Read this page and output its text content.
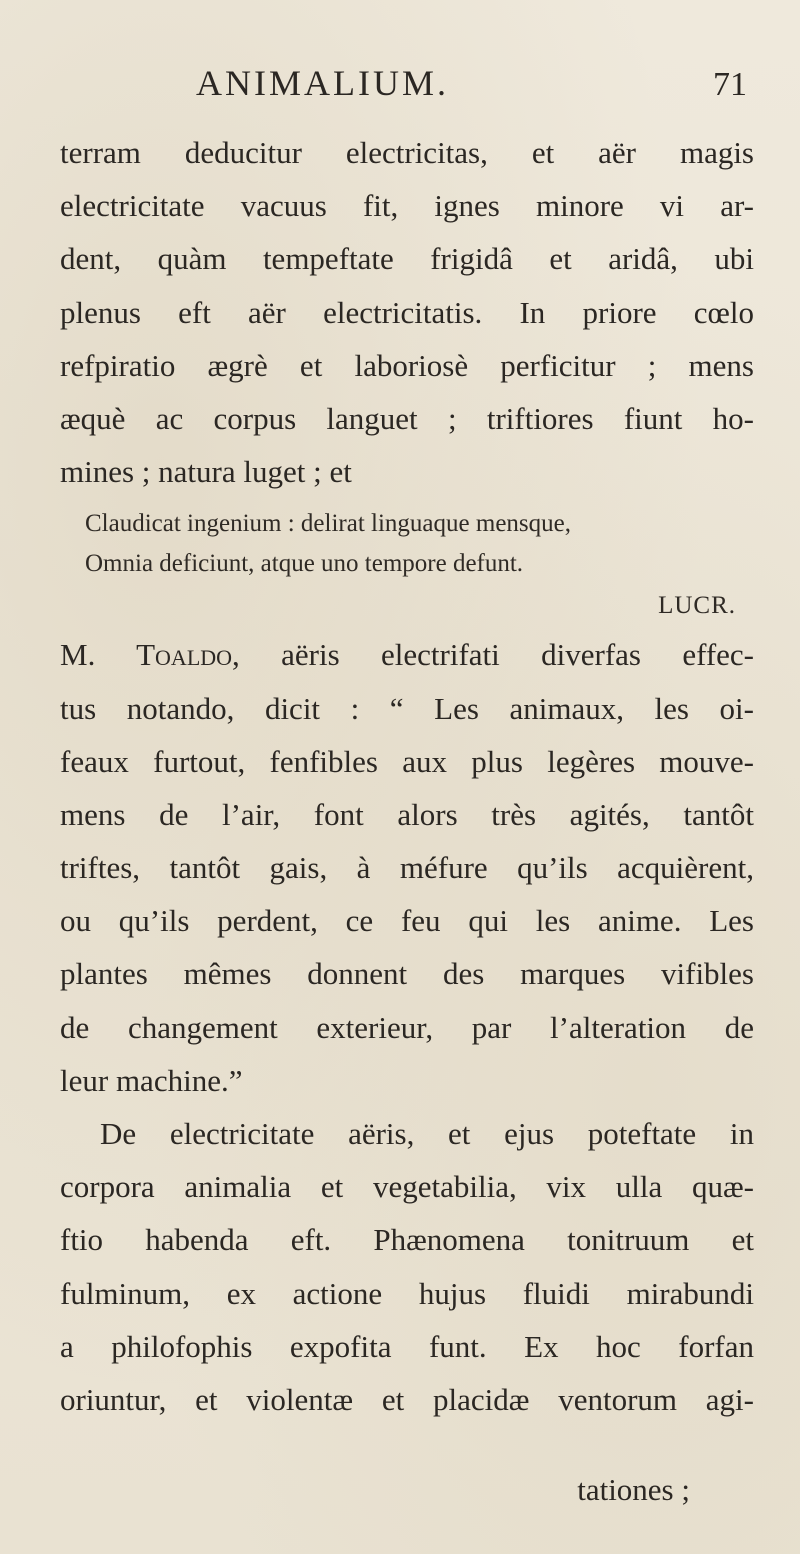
ANIMALIUM.	71
terram deducitur electricitas, et aër magis
electricitate vacuus fit, ignes minore vi ar-
dent, quàm tempeftate frigidâ et aridâ, ubi
plenus eft aër electricitatis. In priore cœlo
refpiratio ægrè et laboriosè perficitur ; mens
æquè ac corpus languet ; triftiores fiunt ho-
mines ; natura luget ; et
Claudicat ingenium : delirat linguaque mensque,
Omnia deficiunt, atque uno tempore defunt.
LUCR.
M. Toaldo, aëris electrifati diverfas effec-
tus notando, dicit : “ Les animaux, les oi-
feaux furtout, fenfibles aux plus legères mouve-
mens de l’air, font alors très agités, tantôt
triftes, tantôt gais, à méfure qu’ils acquièrent,
ou qu’ils perdent, ce feu qui les anime. Les
plantes mêmes donnent des marques vifibles
de changement exterieur, par l’alteration de
leur machine.”
De electricitate aëris, et ejus poteftate in
corpora animalia et vegetabilia, vix ulla quæ-
ftio habenda eft. Phænomena tonitruum et
fulminum, ex actione hujus fluidi mirabundi
a philofophis expofita funt. Ex hoc forfan
oriuntur, et violentæ et placidæ ventorum agi-
tationes ;
